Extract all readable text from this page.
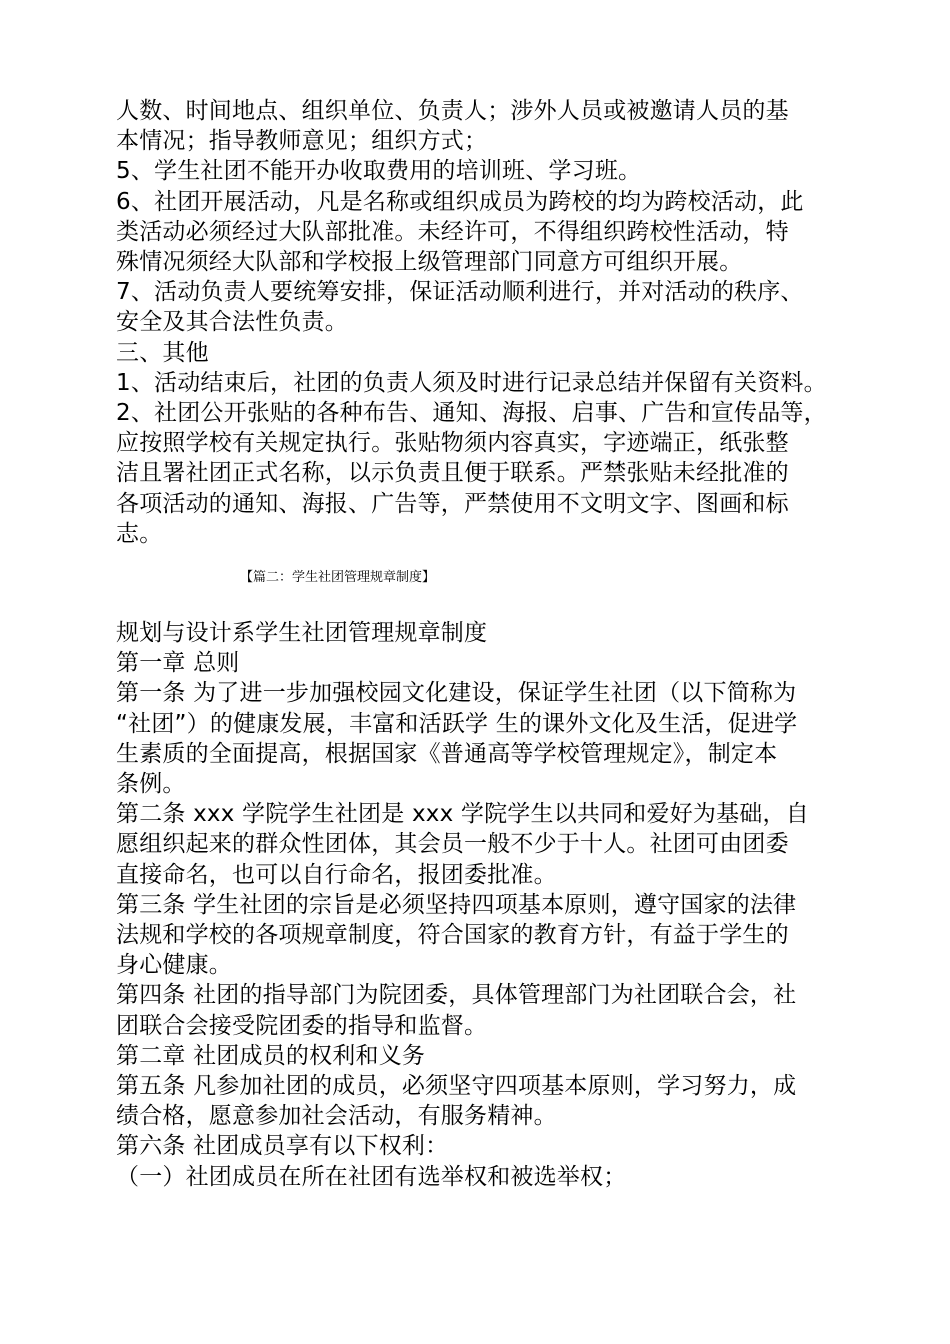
人数、时间地点、组织单位、负责人；涉外人员或被邀请人员的基
本情况；指导教师意见；组织方式；
5、学生社团不能开办收取费用的培训班、学习班。
6、社团开展活动，凡是名称或组织成员为跨校的均为跨校活动，此
类活动必须经过大队部批准。未经许可，不得组织跨校性活动，特
殊情况须经大队部和学校报上级管理部门同意方可组织开展。
7、活动负责人要统筹安排，保证活动顺利进行，并对活动的秩序、
安全及其合法性负责。
三、其他
1、活动结束后，社团的负责人须及时进行记录总结并保留有关资料。
2、社团公开张贴的各种布告、通知、海报、启事、广告和宣传品等，
应按照学校有关规定执行。张贴物须内容真实，字迹端正，纸张整
洁且署社团正式名称，以示负责且便于联系。严禁张贴未经批准的
各项活动的通知、海报、广告等，严禁使用不文明文字、图画和标
志。
【篇二：学生社团管理规章制度】
规划与设计系学生社团管理规章制度
第一章 总则
第一条 为了进一步加强校园文化建设，保证学生社团（以下简称为
“社团”）的健康发展，丰富和活跃学 生的课外文化及生活，促进学
生素质的全面提高，根据国家《普通高等学校管理规定》，制定本
条例。
第二条 xxx 学院学生社团是 xxx 学院学生以共同和爱好为基础，自
愿组织起来的群众性团体，其会员一般不少于十人。社团可由团委
直接命名，也可以自行命名，报团委批准。
第三条 学生社团的宗旨是必须坚持四项基本原则，遵守国家的法律
法规和学校的各项规章制度，符合国家的教育方针，有益于学生的
身心健康。
第四条 社团的指导部门为院团委，具体管理部门为社团联合会，社
团联合会接受院团委的指导和监督。
第二章 社团成员的权利和义务
第五条 凡参加社团的成员，必须坚守四项基本原则，学习努力，成
绩合格，愿意参加社会活动，有服务精神。
第六条 社团成员享有以下权利：
（一）社团成员在所在社团有选举权和被选举权；
